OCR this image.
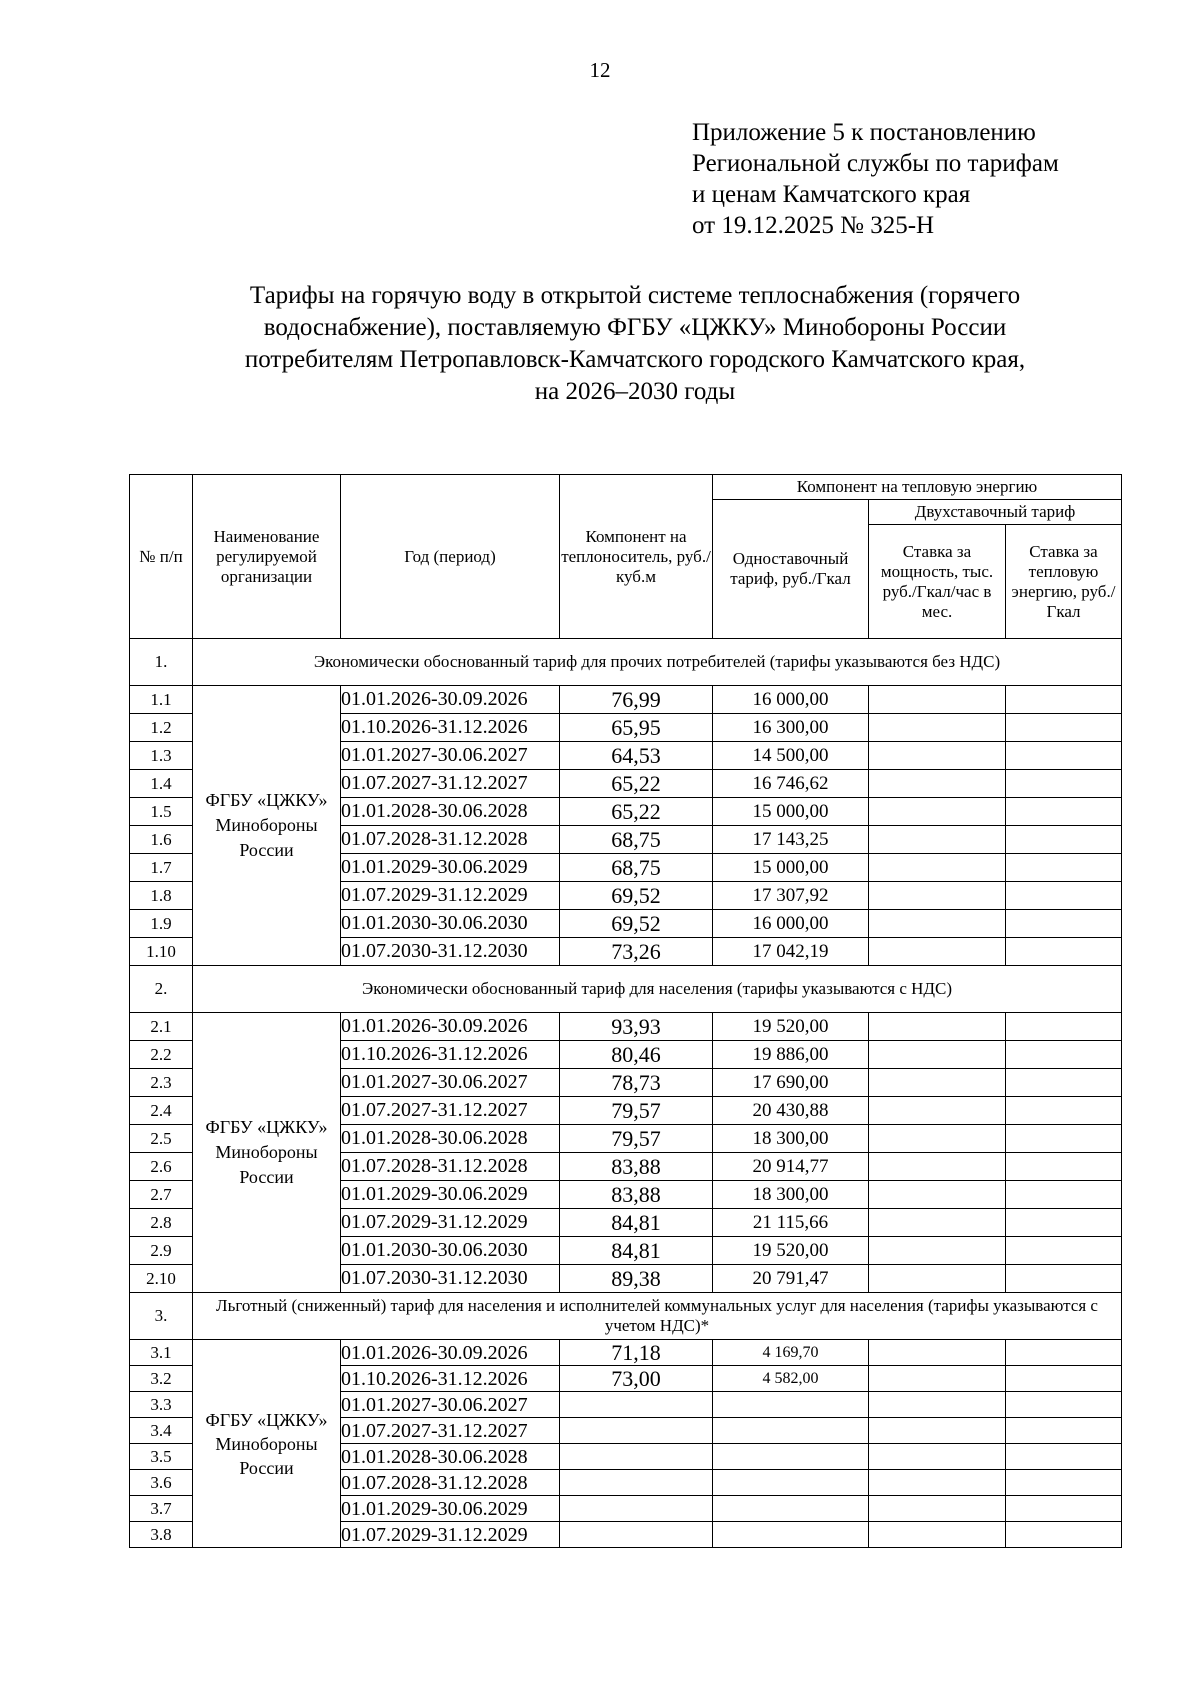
12
Приложение 5 к постановлению
Региональной службы по тарифам
и ценам Камчатского края
от 19.12.2025 № 325-Н
Тарифы на горячую воду в открытой системе теплоснабжения (горячего
водоснабжение), поставляемую ФГБУ «ЦЖКУ» Минобороны России
потребителям Петропавловск-Камчатского городского Камчатского края,
на 2026–2030 годы
№ п/п	Наименование регулируемой организации	Год (период)	Компонент на теплоноситель, руб./куб.м	Компонент на тепловую энергию		
				Одноставочный тариф, руб./Гкал	Двухставочный тариф	
					Ставка за мощность, тыс. руб./Гкал/час в мес.	Ставка за тепловую энергию, руб./Гкал
1.	Экономически обоснованный тариф для прочих потребителей (тарифы указываются без НДС)					
1.1	ФГБУ «ЦЖКУ» Минобороны России	01.01.2026-30.09.2026	76,99	16 000,00		
1.2		01.10.2026-31.12.2026	65,95	16 300,00		
1.3		01.01.2027-30.06.2027	64,53	14 500,00		
1.4		01.07.2027-31.12.2027	65,22	16 746,62		
1.5		01.01.2028-30.06.2028	65,22	15 000,00		
1.6		01.07.2028-31.12.2028	68,75	17 143,25		
1.7		01.01.2029-30.06.2029	68,75	15 000,00		
1.8		01.07.2029-31.12.2029	69,52	17 307,92		
1.9		01.01.2030-30.06.2030	69,52	16 000,00		
1.10		01.07.2030-31.12.2030	73,26	17 042,19		
2.	Экономически обоснованный тариф для населения (тарифы указываются с НДС)					
2.1	ФГБУ «ЦЖКУ» Минобороны России	01.01.2026-30.09.2026	93,93	19 520,00		
2.2		01.10.2026-31.12.2026	80,46	19 886,00		
2.3		01.01.2027-30.06.2027	78,73	17 690,00		
2.4		01.07.2027-31.12.2027	79,57	20 430,88		
2.5		01.01.2028-30.06.2028	79,57	18 300,00		
2.6		01.07.2028-31.12.2028	83,88	20 914,77		
2.7		01.01.2029-30.06.2029	83,88	18 300,00		
2.8		01.07.2029-31.12.2029	84,81	21 115,66		
2.9		01.01.2030-30.06.2030	84,81	19 520,00		
2.10		01.07.2030-31.12.2030	89,38	20 791,47		
3.	Льготный (сниженный) тариф для населения и исполнителей коммунальных услуг для населения (тарифы указываются с учетом НДС)*					
3.1	ФГБУ «ЦЖКУ» Минобороны России	01.01.2026-30.09.2026	71,18	4 169,70		
3.2		01.10.2026-31.12.2026	73,00	4 582,00		
3.3		01.01.2027-30.06.2027				
3.4		01.07.2027-31.12.2027				
3.5		01.01.2028-30.06.2028				
3.6		01.07.2028-31.12.2028				
3.7		01.01.2029-30.06.2029				
3.8		01.07.2029-31.12.2029				
